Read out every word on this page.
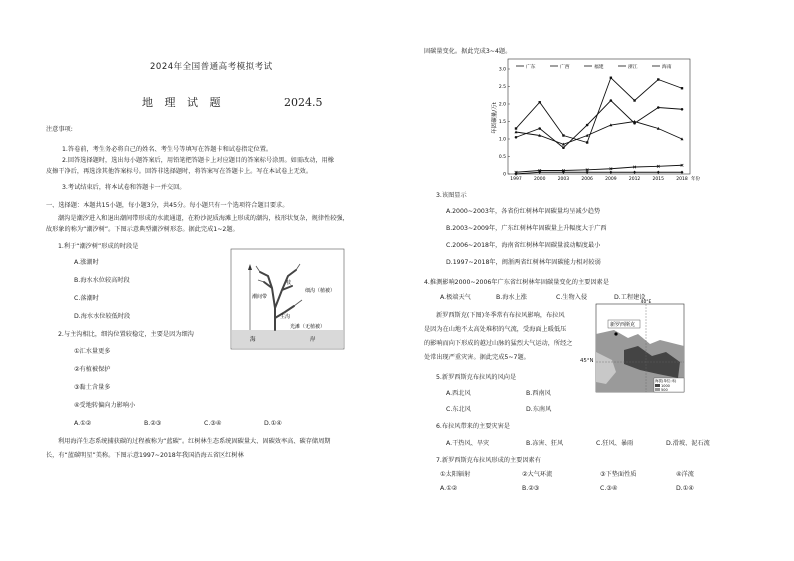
2024年全国普通高考模拟考试
地 理 试 题	2024.5
注意事项:
1.答卷前，考生务必将自己的姓名、考生号等填写在答题卡和试卷指定位置。
2.回答选择题时，选出每小题答案后，用铅笔把答题卡上对应题目的答案标号涂黑。如需改动，用橡
皮擦干净后，再选涂其他答案标号。回答非选择题时，将答案写在答题卡上。写在本试卷上无效。
3.考试结束后，将本试卷和答题卡一并交回。
一、选择题：本题共15小题，每小题3分，共45分。每小题只有一个选项符合题目要求。
潮沟是潮汐进入和退出潮间带形成的水流通道，在粉沙泥质海滩上形成的潮沟，枝形状复杂，规律性较强，
故形象的称为“潮汐树”。下图示意典型潮汐树形态。据此完成1~2题。
1.利于“潮汐树”形成的时段是
A.涨潮时
B.海水水位较高时段
C.落潮时
D.海水水位较低时段
2.与主沟相比，细沟位置较稳定，主要是因为细沟
①汇水量更多
②有植被保护
③黏土含量多
④受地转偏向力影响小
A.①②	B.②③	C.③④	D.①④
利用海洋生态系统捕获碳的过程被称为“蓝碳”。红树林生态系统固碳量大、固碳效率高、碳存储周期
长，有“蓝碳明星”美称。下图示意1997~2018年我国沿海五省区红树林
细沟（植被）
枝
潮间带
主沟
光滩（无植被）
海	岸
固碳量变化。据此完成3~4题。
广东	广西	福建	浙江	海南
0
0.5
1.0
1.5
2.0
2.5
3.0
1997	2000	2003	2006	2009	2012	2015	2018 年份
年固碳量/万t
3.该图显示
A.2000~2003年，各省份红树林年固碳量均呈减少趋势
B.2003~2009年，广东红树林年固碳量上升幅度大于广西
C.2006~2018年，海南省红树林年固碳量波动幅度最小
D.1997~2018年，闽浙两省红树林年固碳能力相对较弱
4.推测影响2000~2006年广东省红树林年固碳量变化的主要因素是
A.极端天气	B.海水上涨	C.生物入侵	D.工程建设
新罗西斯克(下图)冬季常有布拉风影响，布拉风
是因为在山地不太高处堆积的气流，受海面上暖低压
的影响而向下形成的越过山脉的猛烈大气运动，所经之
处常出现严重灾害。据此完成5~7题。
新罗西斯克
40°E
海拔(单位:米)
1000
500
45°N
5.新罗西斯克布拉风的风向是
A.西北风	B.西南风
C.东北风	D.东南风
6.布拉风带来的主要灾害是
A.干热风、旱灾	B.冻害、狂风	C.狂风、暴雨	D.滑坡、泥石流
7.新罗西斯克布拉风形成的主要因素有
①太阳辐射	②大气环流	③下垫面性质	④洋流
A.①②	B.②③	C.③④	D.①④
